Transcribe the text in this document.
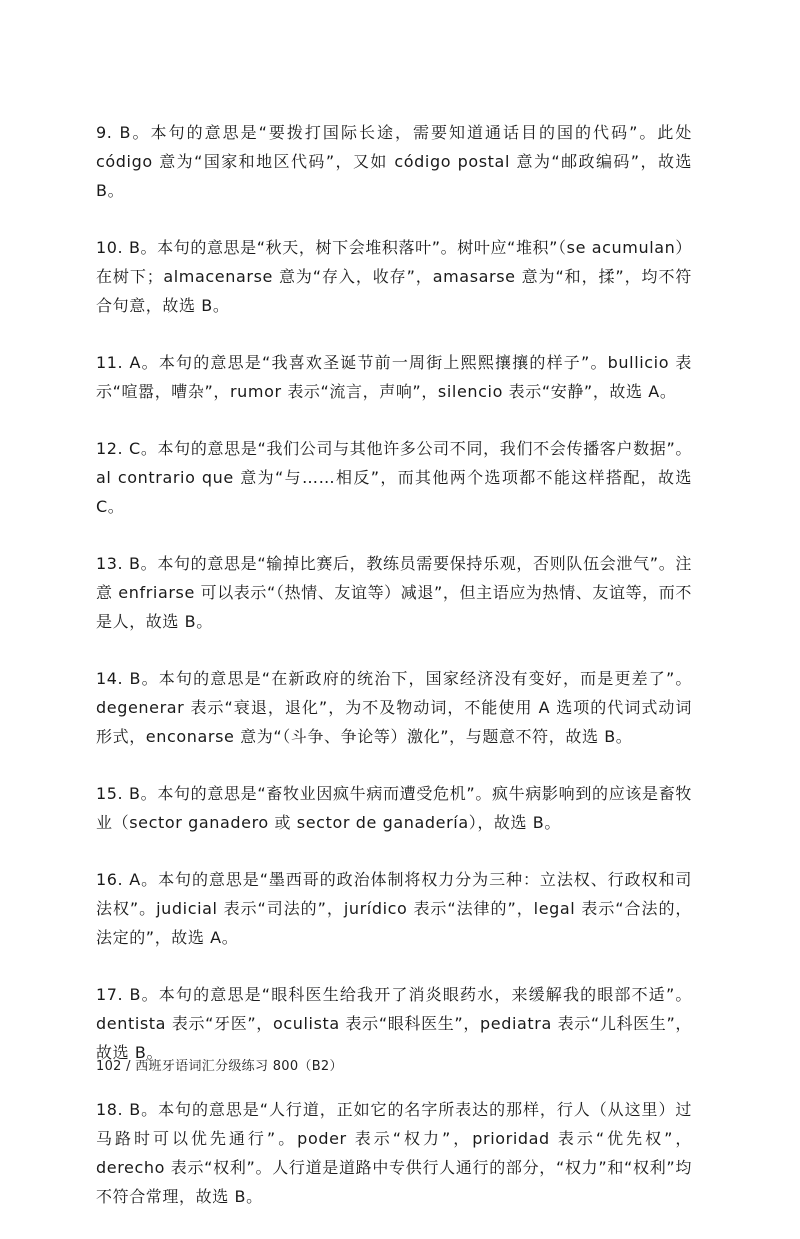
9. B。本句的意思是“要拨打国际长途，需要知道通话目的国的代码”。此处 código 意为“国家和地区代码”，又如 código postal 意为“邮政编码”，故选 B。

10. B。本句的意思是“秋天，树下会堆积落叶”。树叶应“堆积”（se acumulan）在树下；almacenarse 意为“存入，收存”，amasarse 意为“和，揉”，均不符合句意，故选 B。

11. A。本句的意思是“我喜欢圣诞节前一周街上熙熙攘攘的样子”。bullicio 表示“喧嚣，嘈杂”，rumor 表示“流言，声响”，silencio 表示“安静”，故选 A。

12. C。本句的意思是“我们公司与其他许多公司不同，我们不会传播客户数据”。al contrario que 意为“与……相反”，而其他两个选项都不能这样搭配，故选 C。

13. B。本句的意思是“输掉比赛后，教练员需要保持乐观，否则队伍会泄气”。注意 enfriarse 可以表示“（热情、友谊等）减退”，但主语应为热情、友谊等，而不是人，故选 B。

14. B。本句的意思是“在新政府的统治下，国家经济没有变好，而是更差了”。degenerar 表示“衰退，退化”，为不及物动词，不能使用 A 选项的代词式动词形式，enconarse 意为“（斗争、争论等）激化”，与题意不符，故选 B。

15. B。本句的意思是“畜牧业因疯牛病而遭受危机”。疯牛病影响到的应该是畜牧业（sector ganadero 或 sector de ganadería），故选 B。

16. A。本句的意思是“墨西哥的政治体制将权力分为三种：立法权、行政权和司法权”。judicial 表示“司法的”，jurídico 表示“法律的”，legal 表示“合法的，法定的”，故选 A。

17. B。本句的意思是“眼科医生给我开了消炎眼药水，来缓解我的眼部不适”。dentista 表示“牙医”，oculista 表示“眼科医生”，pediatra 表示“儿科医生”，故选 B。

18. B。本句的意思是“人行道，正如它的名字所表达的那样，行人（从这里）过马路时可以优先通行”。poder 表示“权力”，prioridad 表示“优先权”，derecho 表示“权利”。人行道是道路中专供行人通行的部分，“权力”和“权利”均不符合常理，故选 B。

102 / 西班牙语词汇分级练习 800（B2）
